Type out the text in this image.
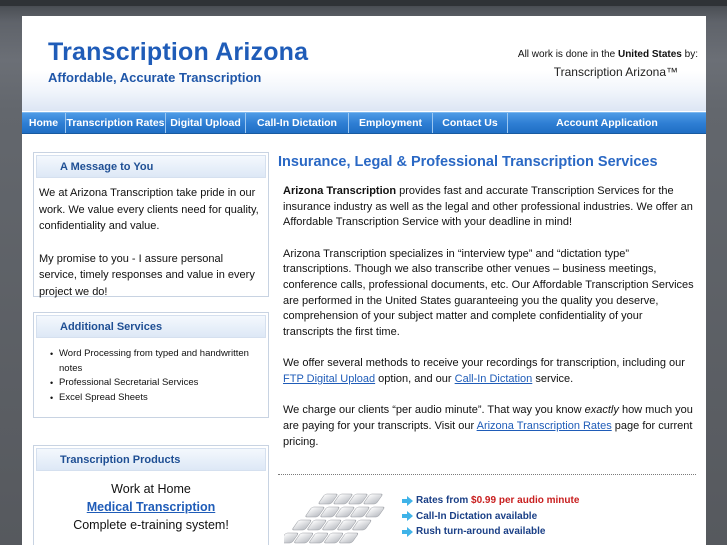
Transcription Arizona
Affordable, Accurate Transcription
All work is done in the United States by:
Transcription Arizona™
Home Transcription Rates Digital Upload	Call-In Dictation	Employment	Contact Us	Account Application
A Message to You

We at Arizona Transcription take pride in our work. We value every clients need for quality, confidentiality and value.

My promise to you - I assure personal service, timely responses and value in every project we do!

Additional Services
• Word Processing from typed and handwritten notes
• Professional Secretarial Services
• Excel Spread Sheets
Transcription Products
Work at Home
Medical Transcription
Complete e-training system!
Insurance, Legal & Professional Transcription Services

Arizona Transcription provides fast and accurate Transcription Services for the insurance industry as well as the legal and other professional industries. We offer an Affordable Transcription Service with your deadline in mind!

Arizona Transcription specializes in “interview type” and “dictation type” transcriptions. Though we also transcribe other venues – business meetings, conference calls, professional documents, etc. Our Affordable Transcription Services are performed in the United States guaranteeing you the quality you deserve, comprehension of your subject matter and complete confidentiality of your transcripts the first time.

We offer several methods to receive your recordings for transcription, including our FTP Digital Upload option, and our Call-In Dictation service.

We charge our clients “per audio minute”. That way you know exactly how much you are paying for your transcripts. Visit our Arizona Transcription Rates page for current pricing.

Rates from
$0.99 per audio minute
Call-In Dictation available
Rush turn-around available
